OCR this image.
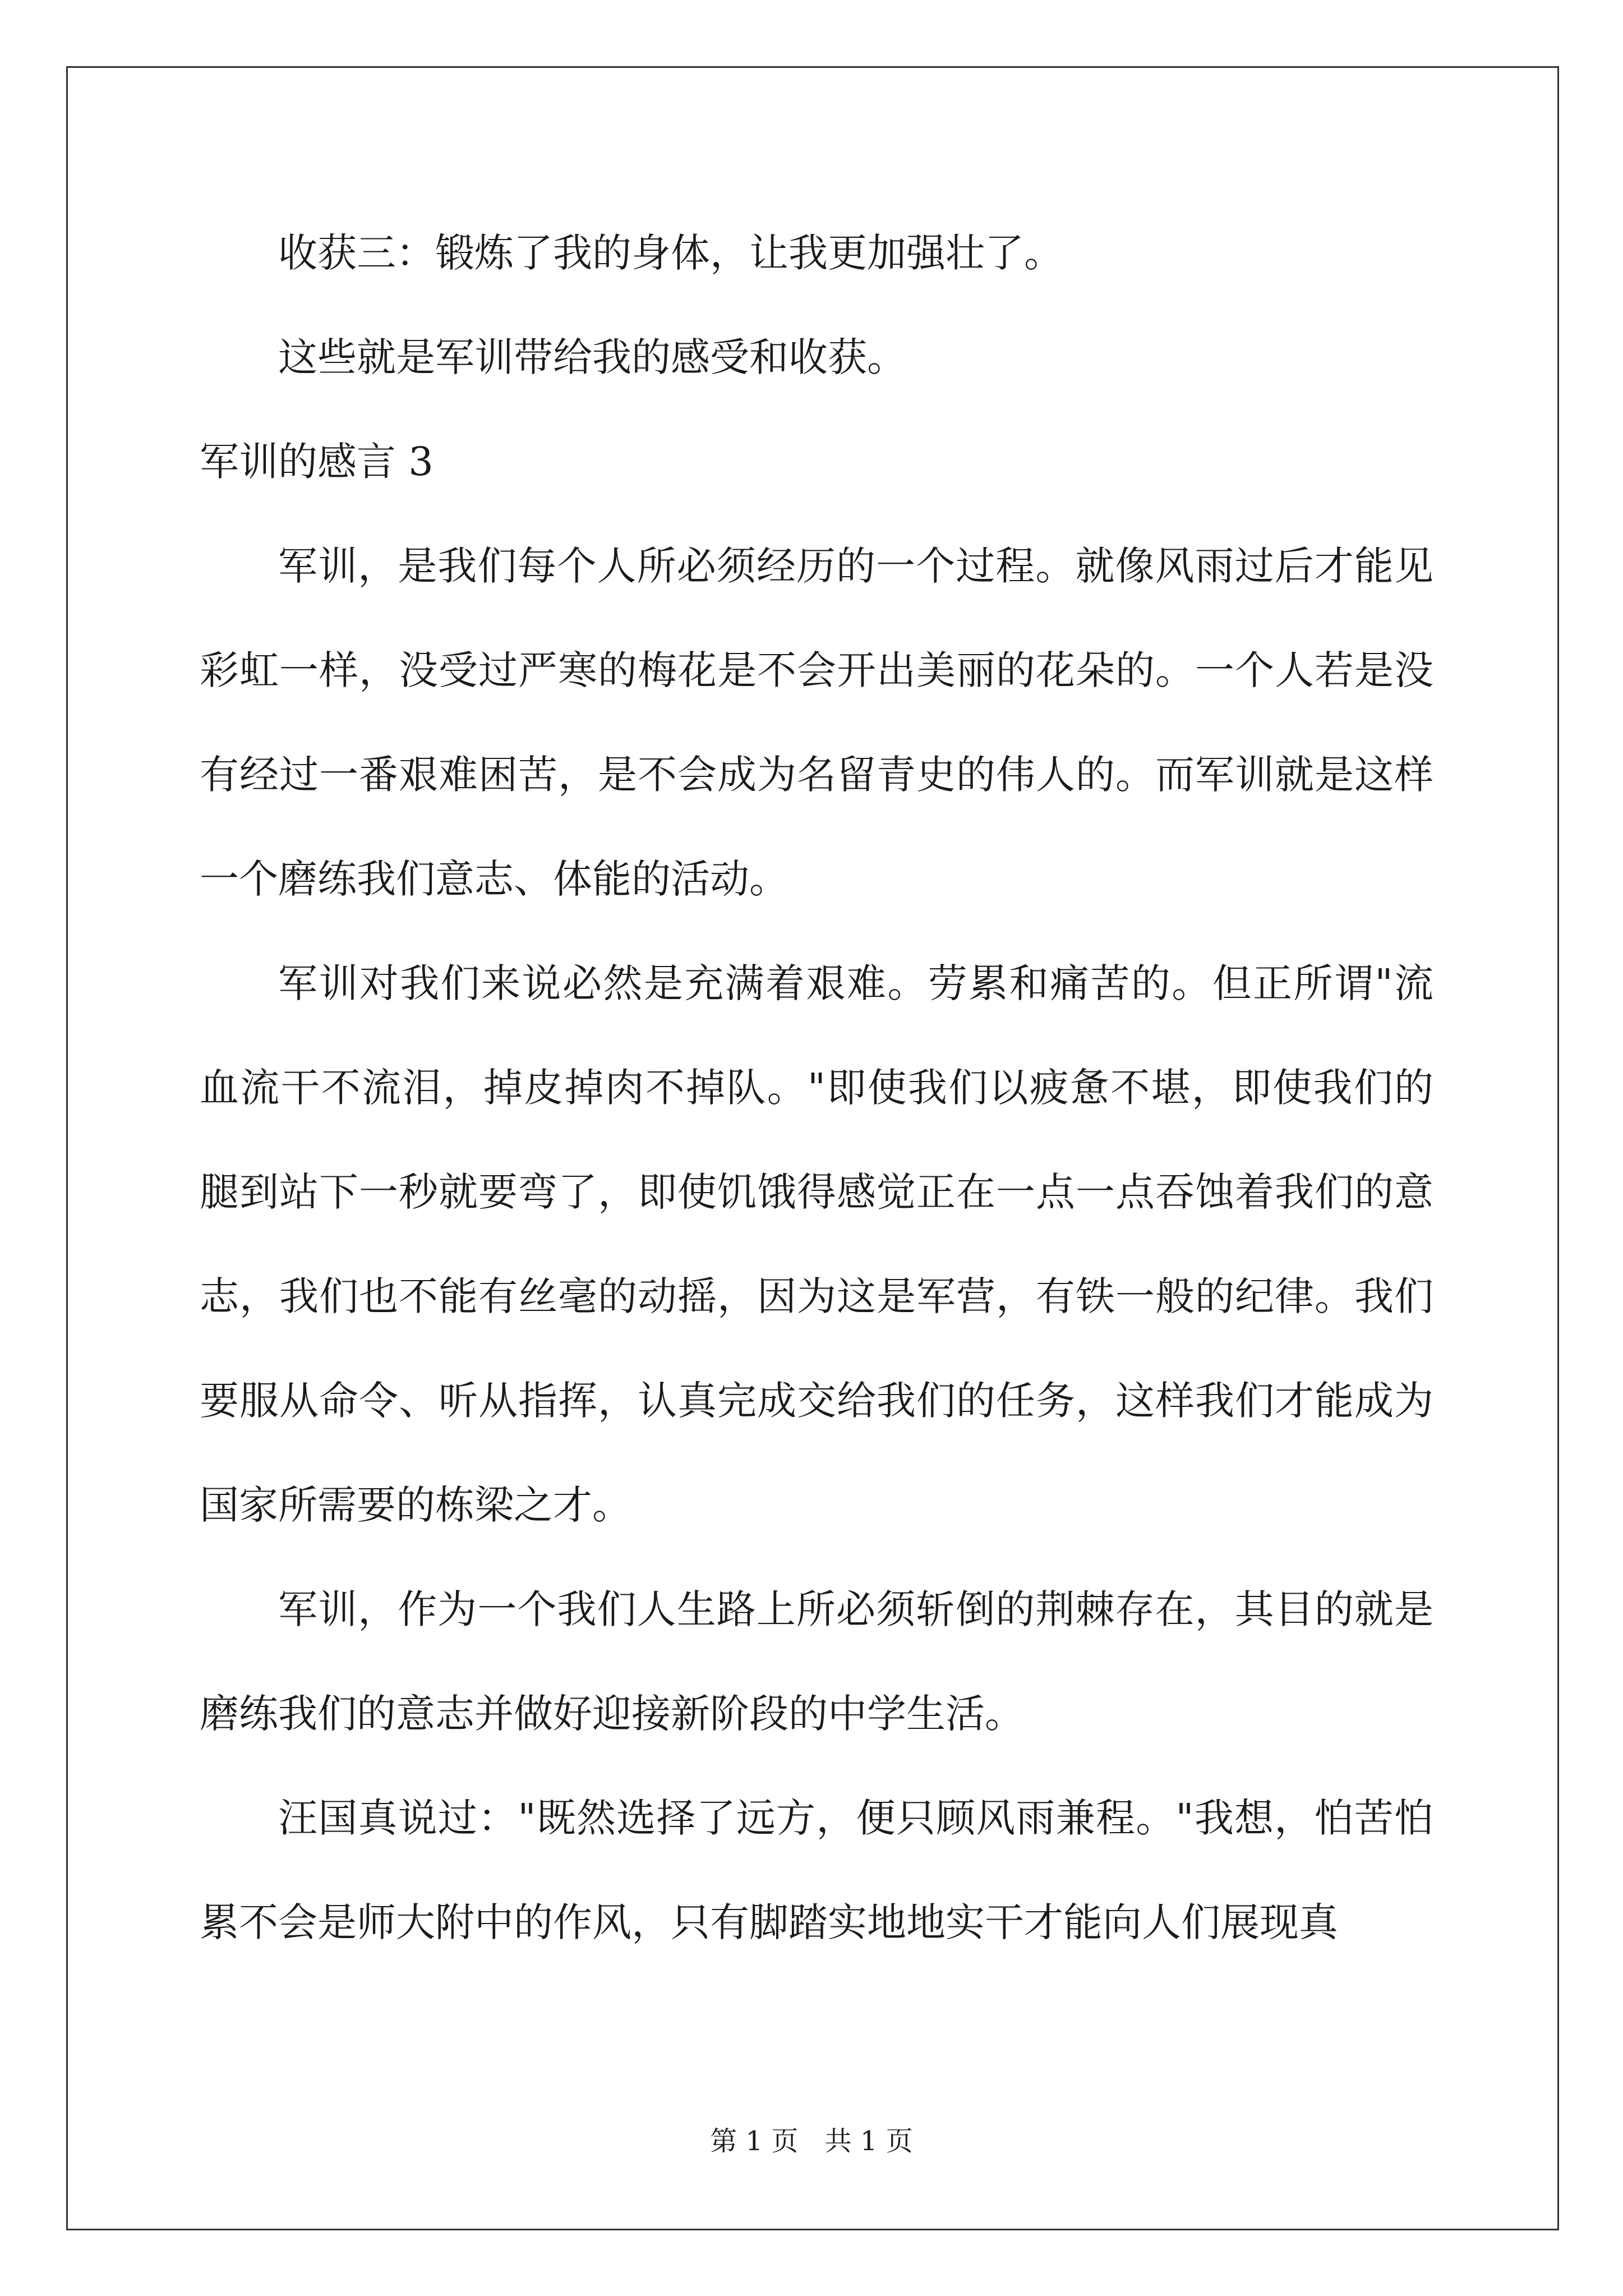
收获三：锻炼了我的身体，让我更加强壮了。

这些就是军训带给我的感受和收获。

军训的感言 3

军训，是我们每个人所必须经历的一个过程。就像风雨过后才能见彩虹一样，没受过严寒的梅花是不会开出美丽的花朵的。一个人若是没有经过一番艰难困苦，是不会成为名留青史的伟人的。而军训就是这样一个磨练我们意志、体能的活动。

军训对我们来说必然是充满着艰难。劳累和痛苦的。但正所谓"流血流干不流泪，掉皮掉肉不掉队。"即使我们以疲惫不堪，即使我们的腿到站下一秒就要弯了，即使饥饿得感觉正在一点一点吞蚀着我们的意志，我们也不能有丝毫的动摇，因为这是军营，有铁一般的纪律。我们要服从命令、听从指挥，认真完成交给我们的任务，这样我们才能成为国家所需要的栋梁之才。

军训，作为一个我们人生路上所必须斩倒的荆棘存在，其目的就是磨练我们的意志并做好迎接新阶段的中学生活。

汪国真说过："既然选择了远方，便只顾风雨兼程。"我想，怕苦怕累不会是师大附中的作风，只有脚踏实地地实干才能向人们展现真

第 1 页 共 1 页
